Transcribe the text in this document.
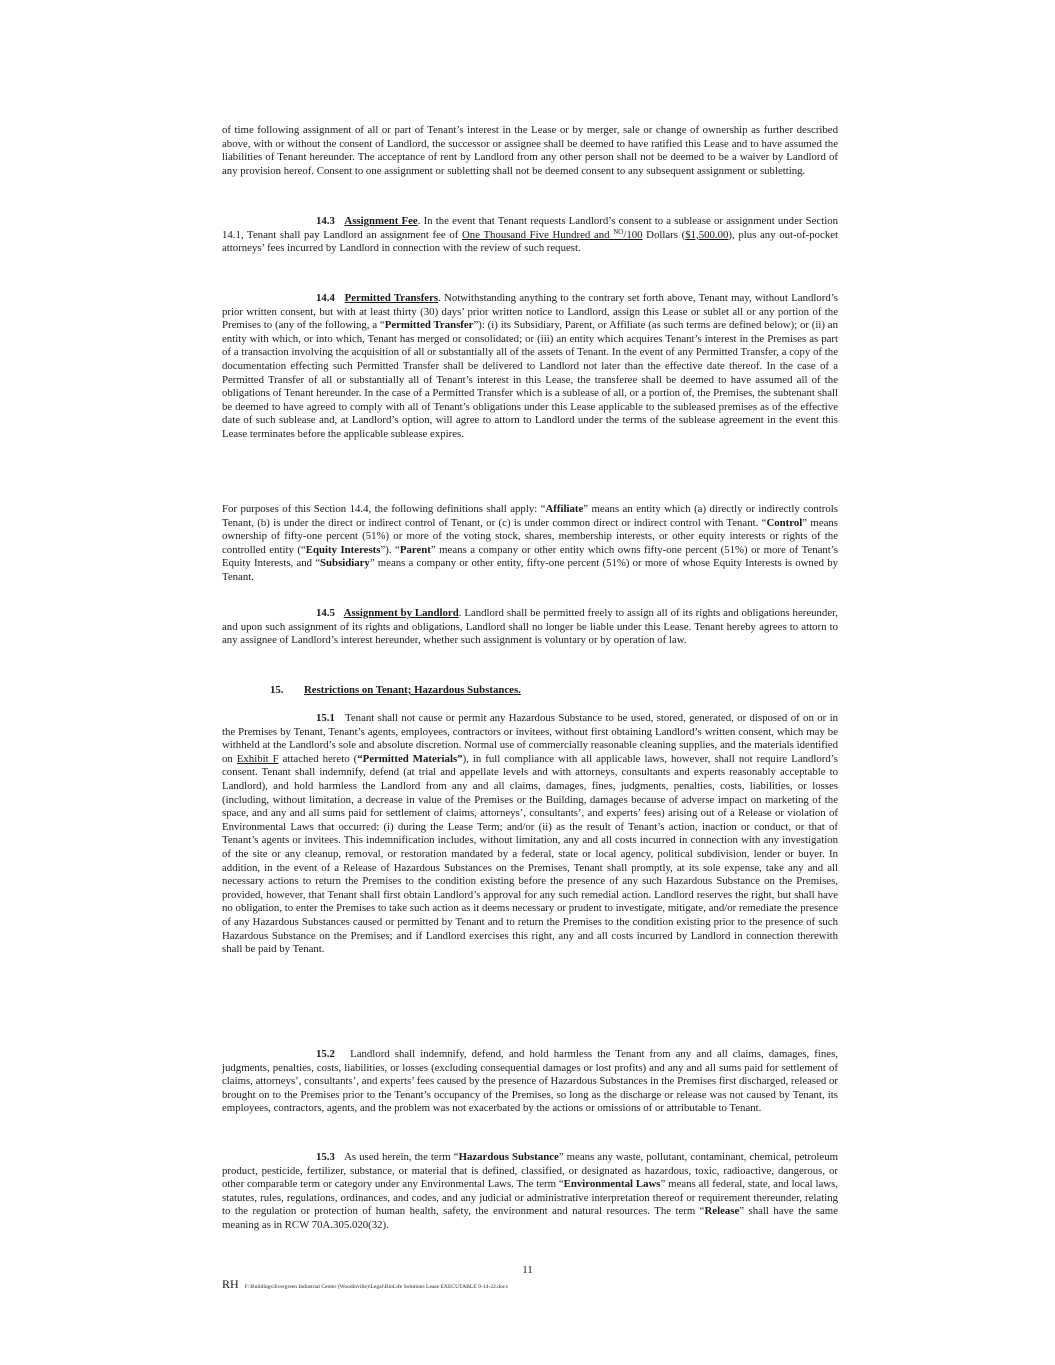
of time following assignment of all or part of Tenant’s interest in the Lease or by merger, sale or change of ownership as further described above, with or without the consent of Landlord, the successor or assignee shall be deemed to have ratified this Lease and to have assumed the liabilities of Tenant hereunder. The acceptance of rent by Landlord from any other person shall not be deemed to be a waiver by Landlord of any provision hereof. Consent to one assignment or subletting shall not be deemed consent to any subsequent assignment or subletting.

14.3 Assignment Fee. In the event that Tenant requests Landlord’s consent to a sublease or assignment under Section 14.1, Tenant shall pay Landlord an assignment fee of One Thousand Five Hundred and $^{NO}$/100 Dollars ($1,500.00), plus any out-of-pocket attorneys’ fees incurred by Landlord in connection with the review of such request.

14.4 Permitted Transfers. Notwithstanding anything to the contrary set forth above, Tenant may, without Landlord’s prior written consent, but with at least thirty (30) days’ prior written notice to Landlord, assign this Lease or sublet all or any portion of the Premises to (any of the following, a “Permitted Transfer”): (i) its Subsidiary, Parent, or Affiliate (as such terms are defined below); or (ii) an entity with which, or into which, Tenant has merged or consolidated; or (iii) an entity which acquires Tenant’s interest in the Premises as part of a transaction involving the acquisition of all or substantially all of the assets of Tenant. In the event of any Permitted Transfer, a copy of the documentation effecting such Permitted Transfer shall be delivered to Landlord not later than the effective date thereof. In the case of a Permitted Transfer of all or substantially all of Tenant’s interest in this Lease, the transferee shall be deemed to have assumed all of the obligations of Tenant hereunder. In the case of a Permitted Transfer which is a sublease of all, or a portion of, the Premises, the subtenant shall be deemed to have agreed to comply with all of Tenant’s obligations under this Lease applicable to the subleased premises as of the effective date of such sublease and, at Landlord’s option, will agree to attorn to Landlord under the terms of the sublease agreement in the event this Lease terminates before the applicable sublease expires.

For purposes of this Section 14.4, the following definitions shall apply: “Affiliate” means an entity which (a) directly or indirectly controls Tenant, (b) is under the direct or indirect control of Tenant, or (c) is under common direct or indirect control with Tenant. “Control” means ownership of fifty-one percent (51%) or more of the voting stock, shares, membership interests, or other equity interests or rights of the controlled entity (“Equity Interests”). “Parent” means a company or other entity which owns fifty-one percent (51%) or more of Tenant’s Equity Interests, and “Subsidiary” means a company or other entity, fifty-one percent (51%) or more of whose Equity Interests is owned by Tenant.

14.5 Assignment by Landlord. Landlord shall be permitted freely to assign all of its rights and obligations hereunder, and upon such assignment of its rights and obligations, Landlord shall no longer be liable under this Lease. Tenant hereby agrees to attorn to any assignee of Landlord’s interest hereunder, whether such assignment is voluntary or by operation of law.

15. Restrictions on Tenant; Hazardous Substances.

15.1 Tenant shall not cause or permit any Hazardous Substance to be used, stored, generated, or disposed of on or in the Premises by Tenant, Tenant’s agents, employees, contractors or invitees, without first obtaining Landlord’s written consent, which may be withheld at the Landlord’s sole and absolute discretion. Normal use of commercially reasonable cleaning supplies, and the materials identified on Exhibit F attached hereto (“Permitted Materials”), in full compliance with all applicable laws, however, shall not require Landlord’s consent. Tenant shall indemnify, defend (at trial and appellate levels and with attorneys, consultants and experts reasonably acceptable to Landlord), and hold harmless the Landlord from any and all claims, damages, fines, judgments, penalties, costs, liabilities, or losses (including, without limitation, a decrease in value of the Premises or the Building, damages because of adverse impact on marketing of the space, and any and all sums paid for settlement of claims, attorneys’, consultants’, and experts’ fees) arising out of a Release or violation of Environmental Laws that occurred: (i) during the Lease Term; and/or (ii) as the result of Tenant’s action, inaction or conduct, or that of Tenant’s agents or invitees. This indemnification includes, without limitation, any and all costs incurred in connection with any investigation of the site or any cleanup, removal, or restoration mandated by a federal, state or local agency, political subdivision, lender or buyer. In addition, in the event of a Release of Hazardous Substances on the Premises, Tenant shall promptly, at its sole expense, take any and all necessary actions to return the Premises to the condition existing before the presence of any such Hazardous Substance on the Premises, provided, however, that Tenant shall first obtain Landlord’s approval for any such remedial action. Landlord reserves the right, but shall have no obligation, to enter the Premises to take such action as it deems necessary or prudent to investigate, mitigate, and/or remediate the presence of any Hazardous Substances caused or permitted by Tenant and to return the Premises to the condition existing prior to the presence of such Hazardous Substance on the Premises; and if Landlord exercises this right, any and all costs incurred by Landlord in connection therewith shall be paid by Tenant.

15.2 Landlord shall indemnify, defend, and hold harmless the Tenant from any and all claims, damages, fines, judgments, penalties, costs, liabilities, or losses (excluding consequential damages or lost profits) and any and all sums paid for settlement of claims, attorneys’, consultants’, and experts’ fees caused by the presence of Hazardous Substances in the Premises first discharged, released or brought on to the Premises prior to the Tenant’s occupancy of the Premises, so long as the discharge or release was not caused by Tenant, its employees, contractors, agents, and the problem was not exacerbated by the actions or omissions of or attributable to Tenant.

15.3 As used herein, the term “Hazardous Substance” means any waste, pollutant, contaminant, chemical, petroleum product, pesticide, fertilizer, substance, or material that is defined, classified, or designated as hazardous, toxic, radioactive, dangerous, or other comparable term or category under any Environmental Laws. The term “Environmental Laws” means all federal, state, and local laws, statutes, rules, regulations, ordinances, and codes, and any judicial or administrative interpretation thereof or requirement thereunder, relating to the regulation or protection of human health, safety, the environment and natural resources. The term “Release” shall have the same meaning as in RCW 70A.305.020(32).

11
RH F:\Buildings\Evergreen Industrial Center (Woodinville)\Legal\BioLife Solutions Lease EXECUTABLE 9-14-22.docx
